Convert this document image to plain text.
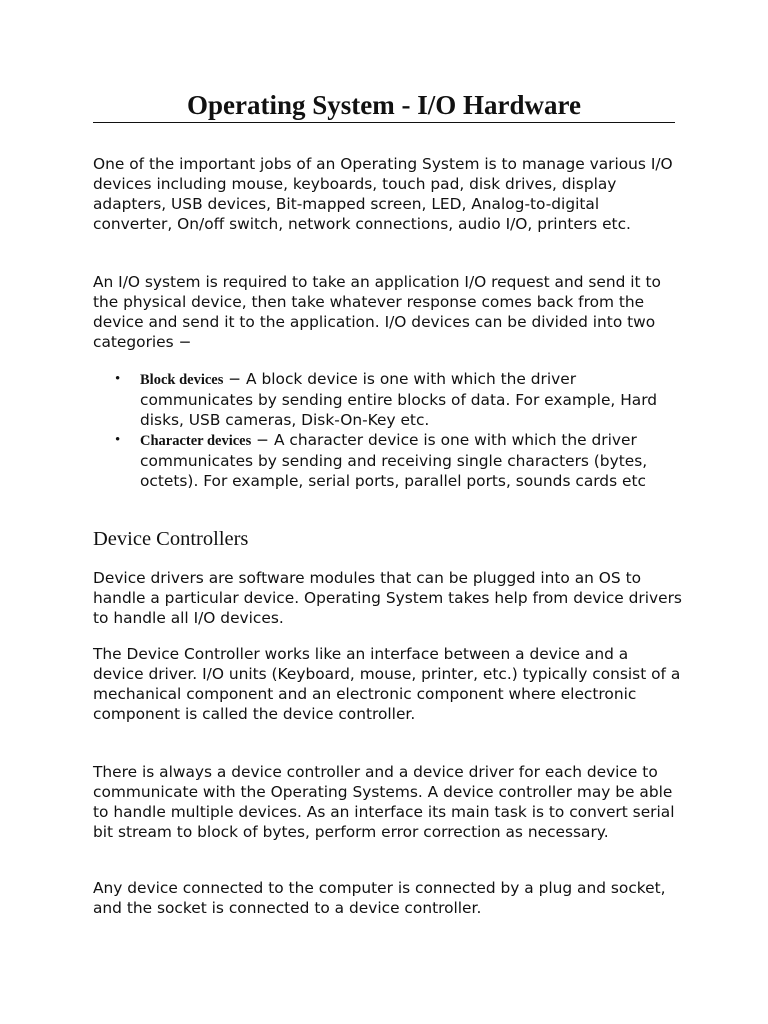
Operating System - I/O Hardware

One of the important jobs of an Operating System is to manage various I/O devices including mouse, keyboards, touch pad, disk drives, display adapters, USB devices, Bit-mapped screen, LED, Analog-to-digital converter, On/off switch, network connections, audio I/O, printers etc.

An I/O system is required to take an application I/O request and send it to the physical device, then take whatever response comes back from the device and send it to the application. I/O devices can be divided into two categories −

• Block devices − A block device is one with which the driver communicates by sending entire blocks of data. For example, Hard disks, USB cameras, Disk-On-Key etc.
• Character devices − A character device is one with which the driver communicates by sending and receiving single characters (bytes, octets). For example, serial ports, parallel ports, sounds cards etc
Device Controllers

Device drivers are software modules that can be plugged into an OS to handle a particular device. Operating System takes help from device drivers to handle all I/O devices.

The Device Controller works like an interface between a device and a device driver. I/O units (Keyboard, mouse, printer, etc.) typically consist of a mechanical component and an electronic component where electronic component is called the device controller.

There is always a device controller and a device driver for each device to communicate with the Operating Systems. A device controller may be able to handle multiple devices. As an interface its main task is to convert serial bit stream to block of bytes, perform error correction as necessary.

Any device connected to the computer is connected by a plug and socket, and the socket is connected to a device controller.
